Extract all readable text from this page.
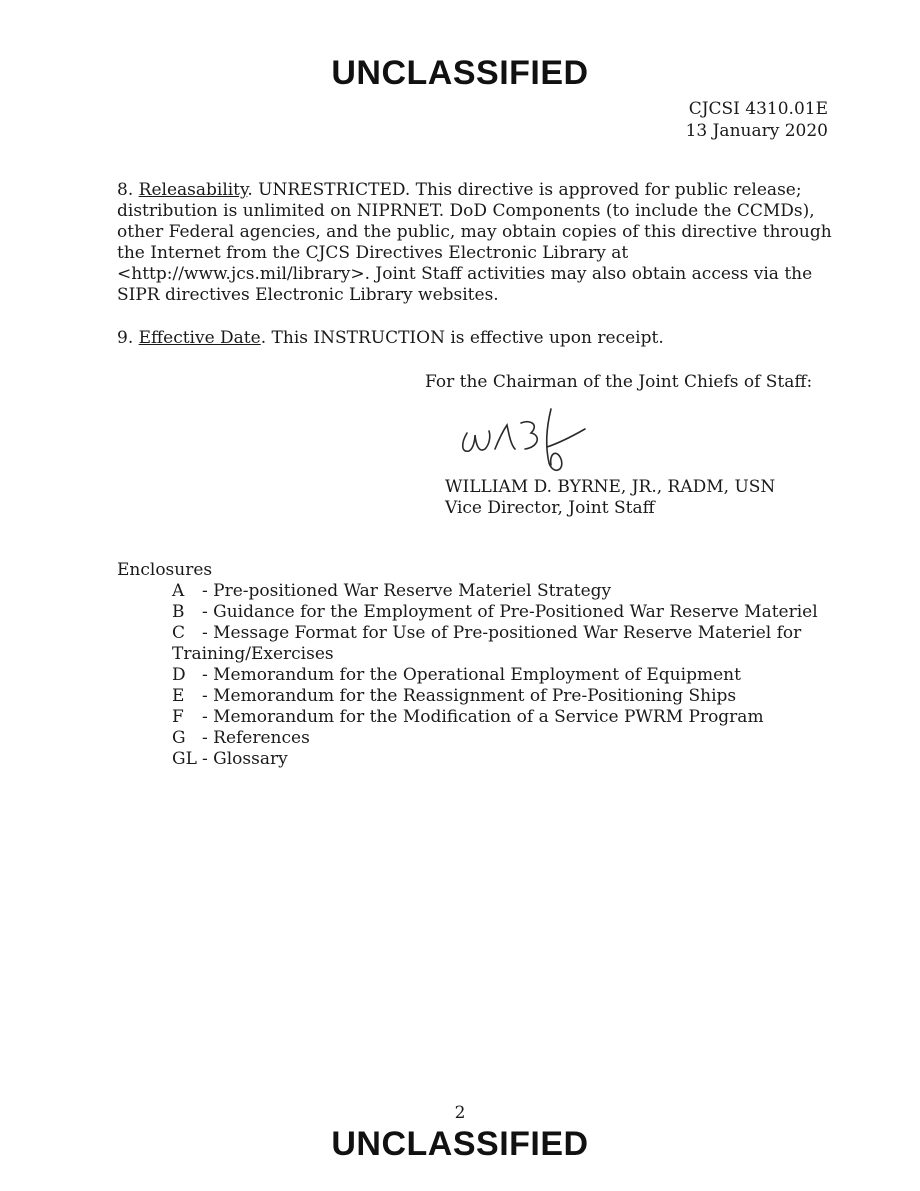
UNCLASSIFIED
CJCSI 4310.01E
13 January 2020
8. Releasability. UNRESTRICTED. This directive is approved for public release; distribution is unlimited on NIPRNET. DoD Components (to include the CCMDs), other Federal agencies, and the public, may obtain copies of this directive through the Internet from the CJCS Directives Electronic Library at <http://www.jcs.mil/library>. Joint Staff activities may also obtain access via the SIPR directives Electronic Library websites.
9. Effective Date. This INSTRUCTION is effective upon receipt.
For the Chairman of the Joint Chiefs of Staff:
WILLIAM D. BYRNE, JR., RADM, USN
Vice Director, Joint Staff
Enclosures
A - Pre-positioned War Reserve Materiel Strategy
B - Guidance for the Employment of Pre-Positioned War Reserve Materiel
C - Message Format for Use of Pre-positioned War Reserve Materiel for Training/Exercises
D - Memorandum for the Operational Employment of Equipment
E - Memorandum for the Reassignment of Pre-Positioning Ships
F - Memorandum for the Modification of a Service PWRM Program
G - References
GL - Glossary
2
UNCLASSIFIED
